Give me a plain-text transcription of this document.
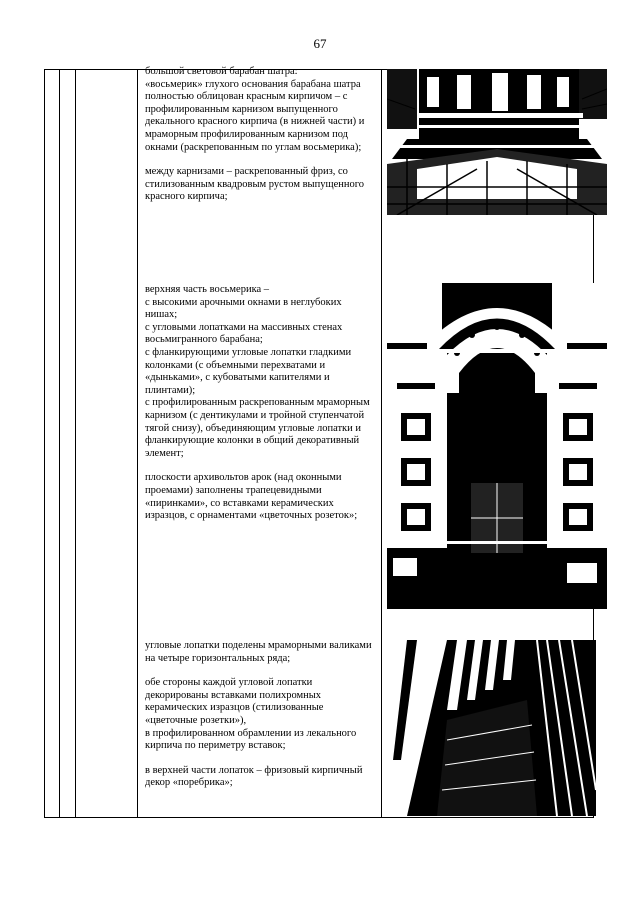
67

большой световой барабан шатра:

«восьмерик» глухого основания барабана шатра полностью облицован красным кирпичом – с профилированным карнизом выпущенного декального красного кирпича (в нижней части) и мраморным профилированным карнизом под окнами (раскрепованным по углам восьмерика);

между карнизами – раскрепованный фриз, со стилизованным квадровым рустом выпущенного красного кирпича;

верхняя часть восьмерика –

с высокими арочными окнами в неглубоких нишах;

с угловыми лопатками на массивных стенах восьмигранного барабана;

с фланкирующими угловые лопатки гладкими колонками (с объемными перехватами и «дыньками», с кубоватыми капителями и плинтами);

с профилированным раскрепованным мраморным карнизом (с дентикулами и тройной ступенчатой тягой снизу), объединяющим угловые лопатки и фланкирующие колонки в общий декоративный элемент;

плоскости архивольтов арок (над оконными проемами) заполнены трапецевидными «пиринками», со вставками керамических изразцов, с орнаментами «цветочных розеток»;

угловые лопатки поделены мраморными валиками на четыре горизонтальных ряда;

обе стороны каждой угловой лопатки декорированы вставками полихромных керамических изразцов (стилизованные «цветочные розетки»),

в профилированном обрамлении из лекального кирпича по периметру вставок;

в верхней части лопаток – фризовый кирпичный декор «поребрика»;
